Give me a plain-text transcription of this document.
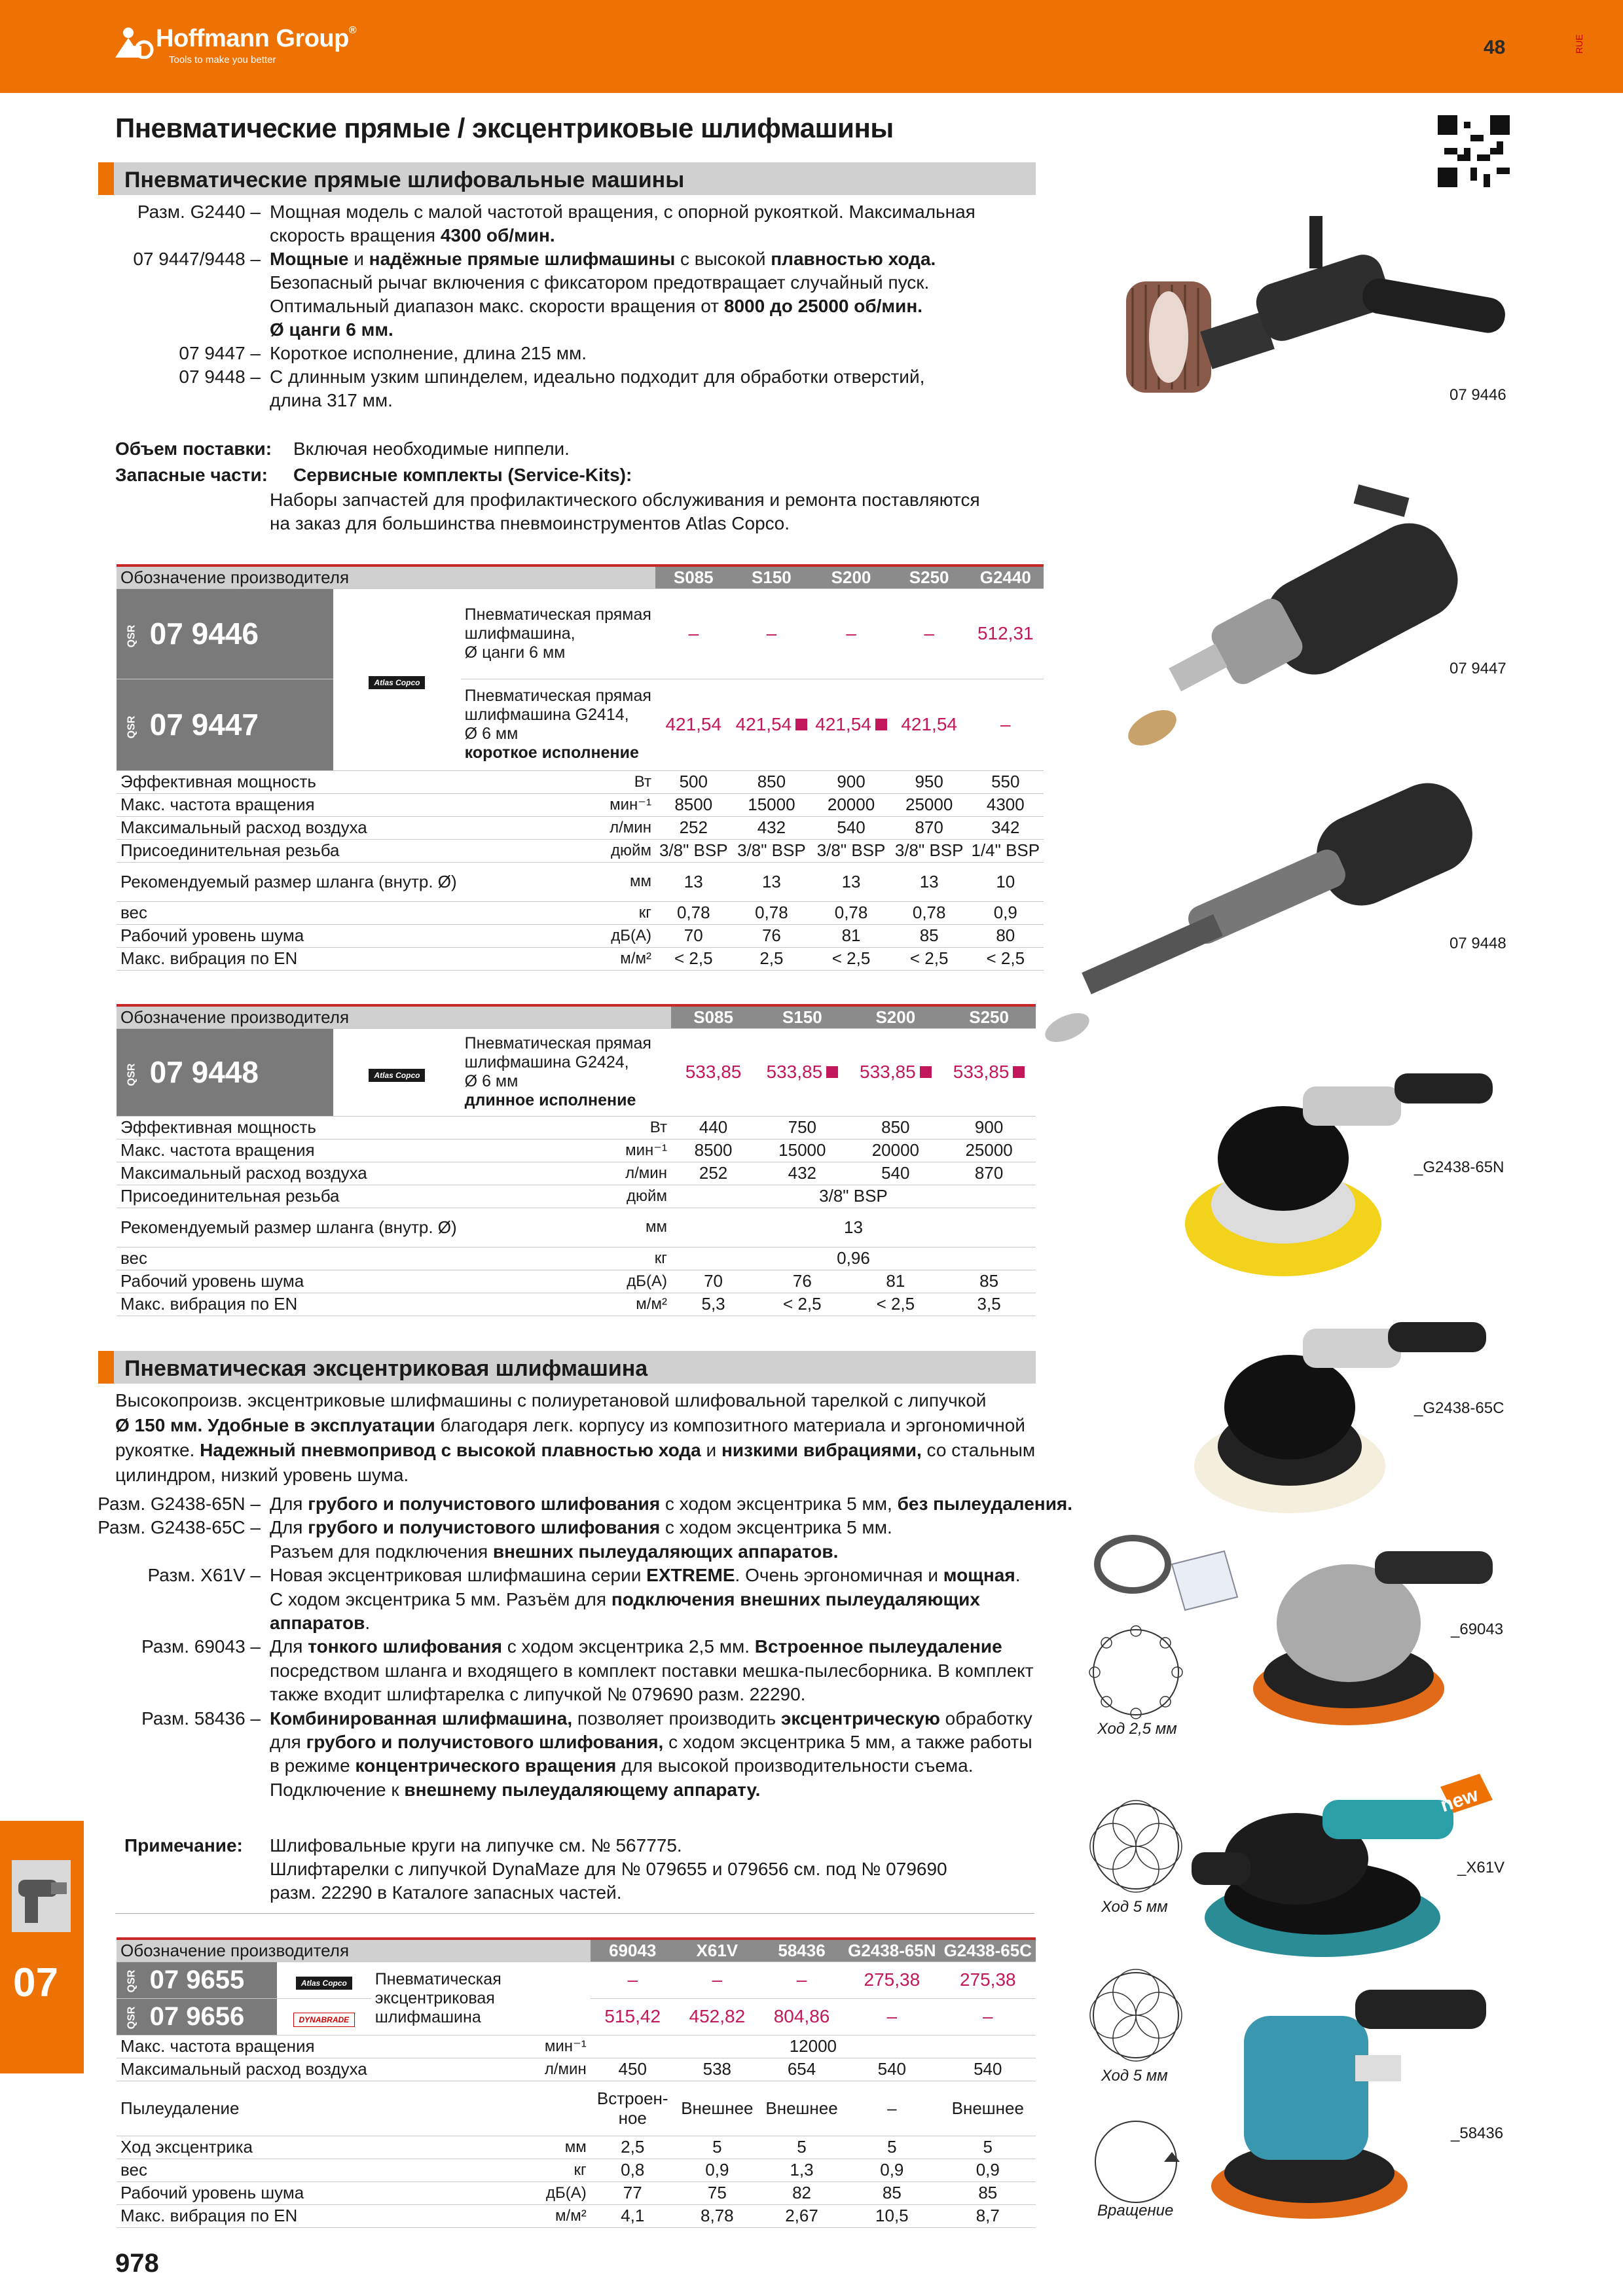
Hoffmann Group®
Tools to make you better
48	RUE
Пневматические прямые / эксцентриковые шлифмашины
Пневматические прямые шлифовальные машины
Разм. G2440 – Мощная модель с малой частотой вращения, с опорной рукояткой. Максимальная
скорость вращения 4300 об/мин.
07 9447/9448 – Мощные и надёжные прямые шлифмашины с высокой плавностью хода.
Безопасный рычаг включения с фиксатором предотвращает случайный пуск.
Оптимальный диапазон макс. скорости вращения от 8000 до 25000 об/мин.
Ø цанги 6 мм.
07 9447 – Короткое исполнение, длина 215 мм.
07 9448 – С длинным узким шпинделем, идеально подходит для обработки отверстий,
длина 317 мм.
Объем поставки: Включая необходимые ниппели.
Запасные части: Сервисные комплекты (Service-Kits):
Наборы запчастей для профилактического обслуживания и ремонта поставляются
на заказ для большинства пневмоинструментов Atlas Copco.
Обозначение производителя			S085	S150	S200	S250	G2440
QSR 07 9446	Atlas Copco	Пневматическая прямая
шлифмашина,
Ø цанги 6 мм	–	–	–	–	512,31
QSR 07 9447		Пневматическая прямая
шлифмашина G2414,
Ø 6 мм
короткое исполнение	421,54	421,54	421,54	421,54	–
Эффективная мощность		Вт	500	850	900	950	550
Макс. частота вращения		мин⁻¹	8500	15000	20000	25000	4300
Максимальный расход воздуха		л/мин	252	432	540	870	342
Присоединительная резьба		дюйм	3/8" BSP	3/8" BSP	3/8" BSP	3/8" BSP	1/4" BSP
Рекомендуемый размер шланга (внутр. Ø)		мм	13	13	13	13	10
вес		кг	0,78	0,78	0,78	0,78	0,9
Рабочий уровень шума		дБ(А)	70	76	81	85	80
Макс. вибрация по EN		м/м²	< 2,5	2,5	< 2,5	< 2,5	< 2,5
Обозначение производителя			S085	S150	S200	S250
QSR 07 9448	Atlas Copco	Пневматическая прямая
шлифмашина G2424,
Ø 6 мм
длинное исполнение	533,85	533,85	533,85	533,85
Эффективная мощность		Вт	440	750	850	900
Макс. частота вращения		мин⁻¹	8500	15000	20000	25000
Максимальный расход воздуха		л/мин	252	432	540	870
Присоединительная резьба		дюйм	3/8" BSP			
Рекомендуемый размер шланга (внутр. Ø)		мм	13			
вес		кг	0,96			
Рабочий уровень шума		дБ(А)	70	76	81	85
Макс. вибрация по EN		м/м²	5,3	< 2,5	< 2,5	3,5
Пневматическая эксцентриковая шлифмашина
Высокопроизв. эксцентриковые шлифмашины с полиуретановой шлифовальной тарелкой с липучкой
Ø 150 мм. Удобные в эксплуатации благодаря легк. корпусу из композитного материала и эргономичной
рукоятке. Надежный пневмопривод с высокой плавностью хода и низкими вибрациями, со стальным
цилиндром, низкий уровень шума.
Разм. G2438-65N – Для грубого и получистового шлифования с ходом эксцентрика 5 мм, без пылеудаления.
Разм. G2438-65C – Для грубого и получистового шлифования с ходом эксцентрика 5 мм.
Разъем для подключения внешних пылеудаляющих аппаратов.
Разм. X61V – Новая эксцентриковая шлифмашина серии EXTREME. Очень эргономичная и мощная.
С ходом эксцентрика 5 мм. Разъём для подключения внешних пылеудаляющих
аппаратов.
Разм. 69043 – Для тонкого шлифования с ходом эксцентрика 2,5 мм. Встроенное пылеудаление
посредством шланга и входящего в комплект поставки мешка-пылесборника. В комплект
также входит шлифтарелка с липучкой № 079690 разм. 22290.
Разм. 58436 – Комбинированная шлифмашина, позволяет производить эксцентрическую обработку
для грубого и получистового шлифования, с ходом эксцентрика 5 мм, а также работы
в режиме концентрического вращения для высокой производительности съема.
Подключение к внешнему пылеудаляющему аппарату.
Примечание: Шлифовальные круги на липучке см. № 567775.
Шлифтарелки с липучкой DynaMaze для № 079655 и 079656 см. под № 079690
разм. 22290 в Каталоге запасных частей.
Обозначение производителя			69043	X61V	58436	G2438-65N	G2438-65C
QSR 07 9655	Atlas Copco	Пневматическая
эксцентриковая
шлифмашина	–	–	–	275,38	275,38
QSR 07 9656	DYNABRADE		515,42	452,82	804,86	–	–
Макс. частота вращения		мин⁻¹	12000				
Максимальный расход воздуха		л/мин	450	538	654	540	540
Пылеудаление			Встроен-ное	Внешнее	Внешнее	–	Внешнее
Ход эксцентрика		мм	2,5	5	5	5	5
вес		кг	0,8	0,9	1,3	0,9	0,9
Рабочий уровень шума		дБ(А)	77	75	82	85	85
Макс. вибрация по EN		м/м²	4,1	8,78	2,67	10,5	8,7
07 9446
07 9447
07 9448
_G2438-65N
_G2438-65C
_69043
new
_X61V
_58436
Ход 2,5 мм
Ход 5 мм
Ход 5 мм
Вращение
07
978
